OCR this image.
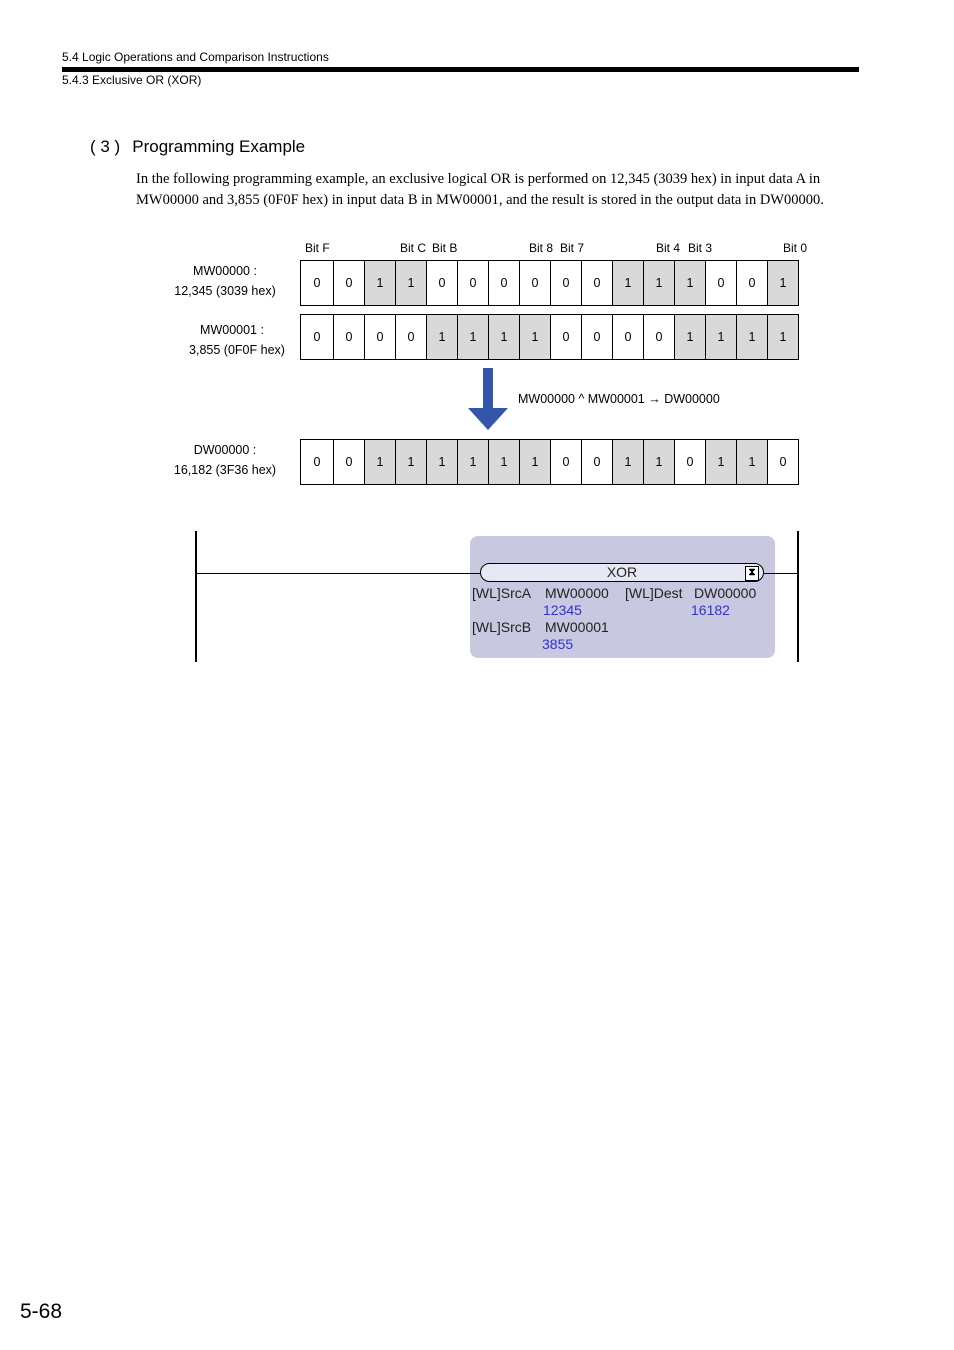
5.4 Logic Operations and Comparison Instructions
5.4.3 Exclusive OR (XOR)
( 3 ) Programming Example
In the following programming example, an exclusive logical OR is performed on 12,345 (3039 hex) in input data A in MW00000 and 3,855 (0F0F hex) in input data B in MW00001, and the result is stored in the output data in DW00000.
Bit F	Bit C Bit B	Bit 8 Bit 7	Bit 4 Bit 3	Bit 0
MW00000 :
12,345 (3039 hex)
MW00001 :
3,855 (0F0F hex)
DW00000 :
16,182 (3F36 hex)
0	0	1	1	0	0	0	0	0	0	1	1	1	0	0	1
0	0	0	0	1	1	1	1	0	0	0	0	1	1	1	1
0	0	1	1	1	1	1	1	0	0	1	1	0	1	1	0
MW00000 ^ MW00001 → DW00000
XOR	⧗
[WL]SrcA MW00000
12345
[WL]Dest DW00000
16182
[WL]SrcB MW00001
3855
5-68
